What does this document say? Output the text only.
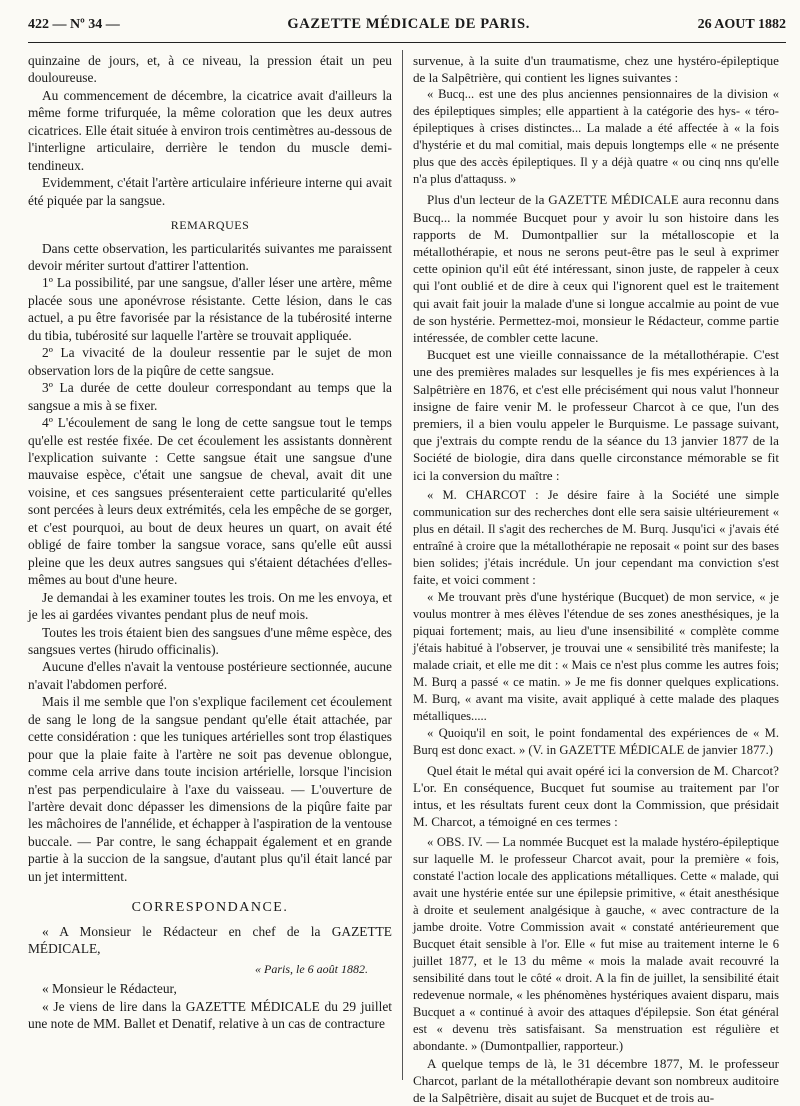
422 — Nº 34 —	GAZETTE MÉDICALE DE PARIS.	26 AOUT 1882

quinzaine de jours, et, à ce niveau, la pression était un peu douloureuse.

Au commencement de décembre, la cicatrice avait d'ailleurs la même forme trifurquée, la même coloration que les deux autres cicatrices. Elle était située à environ trois centimètres au-dessous de l'interligne articulaire, derrière le tendon du muscle demi-tendineux.

Evidemment, c'était l'artère articulaire inférieure interne qui avait été piquée par la sangsue.

REMARQUES

Dans cette observation, les particularités suivantes me paraissent devoir mériter surtout d'attirer l'attention.

1º La possibilité, par une sangsue, d'aller léser une artère, même placée sous une aponévrose résistante. Cette lésion, dans le cas actuel, a pu être favorisée par la résistance de la tubérosité interne du tibia, tubérosité sur laquelle l'artère se trouvait appliquée.

2º La vivacité de la douleur ressentie par le sujet de mon observation lors de la piqûre de cette sangsue.

3º La durée de cette douleur correspondant au temps que la sangsue a mis à se fixer.

4º L'écoulement de sang le long de cette sangsue tout le temps qu'elle est restée fixée. De cet écoulement les assistants donnèrent l'explication suivante : Cette sangsue était une sangsue d'une mauvaise espèce, c'était une sangsue de cheval, avait dit une voisine, et ces sangsues présenteraient cette particularité qu'elles sont percées à leurs deux extrémités, cela les empêche de se gorger, et c'est pourquoi, au bout de deux heures un quart, on avait été obligé de faire tomber la sangsue vorace, sans qu'elle eût aussi pleine que les deux autres sangsues qui s'étaient détachées d'elles-mêmes au bout d'une heure.

Je demandai à les examiner toutes les trois. On me les envoya, et je les ai gardées vivantes pendant plus de neuf mois.

Toutes les trois étaient bien des sangsues d'une même espèce, des sangsues vertes (hirudo officinalis).

Aucune d'elles n'avait la ventouse postérieure sectionnée, aucune n'avait l'abdomen perforé.

Mais il me semble que l'on s'explique facilement cet écoulement de sang le long de la sangsue pendant qu'elle était attachée, par cette considération : que les tuniques artérielles sont trop élastiques pour que la plaie faite à l'artère ne soit pas devenue oblongue, comme cela arrive dans toute incision artérielle, lorsque l'incision n'est pas perpendiculaire à l'axe du vaisseau. — L'ouverture de l'artère devait donc dépasser les dimensions de la piqûre faite par les mâchoires de l'annélide, et échapper à l'aspiration de la ventouse buccale. — Par contre, le sang échappait également et en grande partie à la succion de la sangsue, d'autant plus qu'il était lancé par un jet intermittent.

CORRESPONDANCE.

« A Monsieur le Rédacteur en chef de la GAZETTE MÉDICALE,

« Paris, le 6 août 1882.

« Monsieur le Rédacteur,

« Je viens de lire dans la GAZETTE MÉDICALE du 29 juillet une note de MM. Ballet et Denatif, relative à un cas de contracture

survenue, à la suite d'un traumatisme, chez une hystéro-épileptique de la Salpêtrière, qui contient les lignes suivantes :

« Bucq... est une des plus anciennes pensionnaires de la division « des épileptiques simples; elle appartient à la catégorie des hys- « téro-épileptiques à crises distinctes... La malade a été affectée à « la fois d'hystérie et du mal comitial, mais depuis longtemps elle « ne présente plus que des accès épileptiques. Il y a déjà quatre « ou cinq nns qu'elle n'a plus d'attaquss. »

Plus d'un lecteur de la GAZETTE MÉDICALE aura reconnu dans Bucq... la nommée Bucquet pour y avoir lu son histoire dans les rapports de M. Dumontpallier sur la métalloscopie et la métallothérapie, et nous ne serons peut-être pas le seul à exprimer cette opinion qu'il eût été intéressant, sinon juste, de rappeler à ceux qui l'ont oublié et de dire à ceux qui l'ignorent quel est le traitement qui avait fait jouir la malade d'une si longue accalmie au point de vue de son hystérie. Permettez-moi, monsieur le Rédacteur, comme partie intéressée, de combler cette lacune.

Bucquet est une vieille connaissance de la métallothérapie. C'est une des premières malades sur lesquelles je fis mes expériences à la Salpêtrière en 1876, et c'est elle précisément qui nous valut l'honneur insigne de faire venir M. le professeur Charcot à ce que, l'un des premiers, il a bien voulu appeler le Burquisme. Le passage suivant, que j'extrais du compte rendu de la séance du 13 janvier 1877 de la Société de biologie, dira dans quelle circonstance mémorable se fit ici la conversion du maître :

« M. CHARCOT : Je désire faire à la Société une simple communication sur des recherches dont elle sera saisie ultérieurement « plus en détail. Il s'agit des recherches de M. Burq. Jusqu'ici « j'avais été entraîné à croire que la métallothérapie ne reposait « point sur des bases bien solides; j'étais incrédule. Un jour cependant ma conviction s'est faite, et voici comment :

« Me trouvant près d'une hystérique (Bucquet) de mon service, « je voulus montrer à mes élèves l'étendue de ses zones anesthésiques, je la piquai fortement; mais, au lieu d'une insensibilité « complète comme j'étais habitué à l'observer, je trouvai une « sensibilité très manifeste; la malade criait, et elle me dit : « Mais ce n'est plus comme les autres fois; M. Burq a passé « ce matin. » Je me fis donner quelques explications. M. Burq, « avant ma visite, avait appliqué à cette malade des plaques métalliques.....

« Quoiqu'il en soit, le point fondamental des expériences de « M. Burq est donc exact. » (V. in GAZETTE MÉDICALE de janvier 1877.)

Quel était le métal qui avait opéré ici la conversion de M. Charcot? L'or. En conséquence, Bucquet fut soumise au traitement par l'or intus, et les résultats furent ceux dont la Commission, que présidait M. Charcot, a témoigné en ces termes :

« OBS. IV. — La nommée Bucquet est la malade hystéro-épileptique sur laquelle M. le professeur Charcot avait, pour la première « fois, constaté l'action locale des applications métalliques. Cette « malade, qui avait une hystérie entée sur une épilepsie primitive, « était anesthésique à droite et seulement analgésique à gauche, « avec contracture de la jambe droite. Votre Commission avait « constaté antérieurement que Bucquet était sensible à l'or. Elle « fut mise au traitement interne le 6 juillet 1877, et le 13 du même « mois la malade avait recouvré la sensibilité dans tout le côté « droit. A la fin de juillet, la sensibilité était redevenue normale, « les phénomènes hystériques avaient disparu, mais Bucquet a « continué à avoir des attaques d'épilepsie. Son état général est « devenu très satisfaisant. Sa menstruation est régulière et abondante. » (Dumontpallier, rapporteur.)

A quelque temps de là, le 31 décembre 1877, M. le professeur Charcot, parlant de la métallothérapie devant son nombreux auditoire de la Salpêtrière, disait au sujet de Bucquet et de trois au-
